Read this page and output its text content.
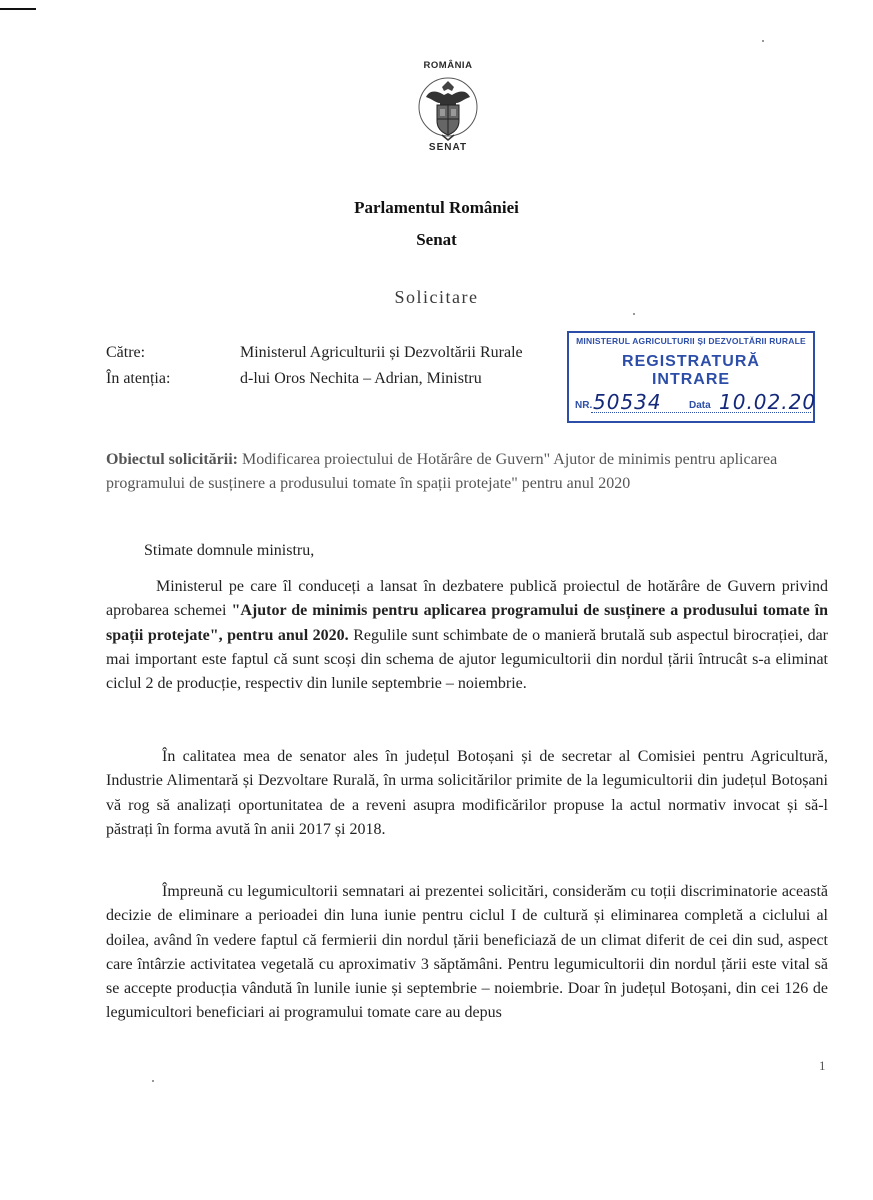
ROMÂNIA
SENAT
Parlamentul României
Senat
Solicitare
Către:	Ministerul Agriculturii și Dezvoltării Rurale
În atenția:	d-lui Oros Nechita – Adrian, Ministru
MINISTERUL AGRICULTURII ȘI DEZVOLTĂRII RURALE
REGISTRATURĂ
INTRARE
NR. 50534	Data 10.02.20
Obiectul solicitării: Modificarea proiectului de Hotărâre de Guvern" Ajutor de minimis pentru aplicarea programului de susținere a produsului tomate în spații protejate" pentru anul 2020
Stimate domnule ministru,

Ministerul pe care îl conduceți a lansat în dezbatere publică proiectul de hotărâre de Guvern privind aprobarea schemei "Ajutor de minimis pentru aplicarea programului de susținere a produsului tomate în spații protejate", pentru anul 2020. Regulile sunt schimbate de o manieră brutală sub aspectul birocrației, dar mai important este faptul că sunt scoși din schema de ajutor legumicultorii din nordul țării întrucât s-a eliminat ciclul 2 de producție, respectiv din lunile septembrie – noiembrie.

În calitatea mea de senator ales în județul Botoșani și de secretar al Comisiei pentru Agricultură, Industrie Alimentară și Dezvoltare Rurală, în urma solicitărilor primite de la legumicultorii din județul Botoșani vă rog să analizați oportunitatea de a reveni asupra modificărilor propuse la actul normativ invocat și să-l păstrați în forma avută în anii 2017 și 2018.

Împreună cu legumicultorii semnatari ai prezentei solicitări, considerăm cu toții discriminatorie această decizie de eliminare a perioadei din luna iunie pentru ciclul I de cultură și eliminarea completă a ciclului al doilea, având în vedere faptul că fermierii din nordul țării beneficiază de un climat diferit de cei din sud, aspect care întârzie activitatea vegetală cu aproximativ 3 săptămâni. Pentru legumicultorii din nordul țării este vital să se accepte producția vândută în lunile iunie și septembrie – noiembrie. Doar în județul Botoșani, din cei 126 de legumicultori beneficiari ai programului tomate care au depus

1
